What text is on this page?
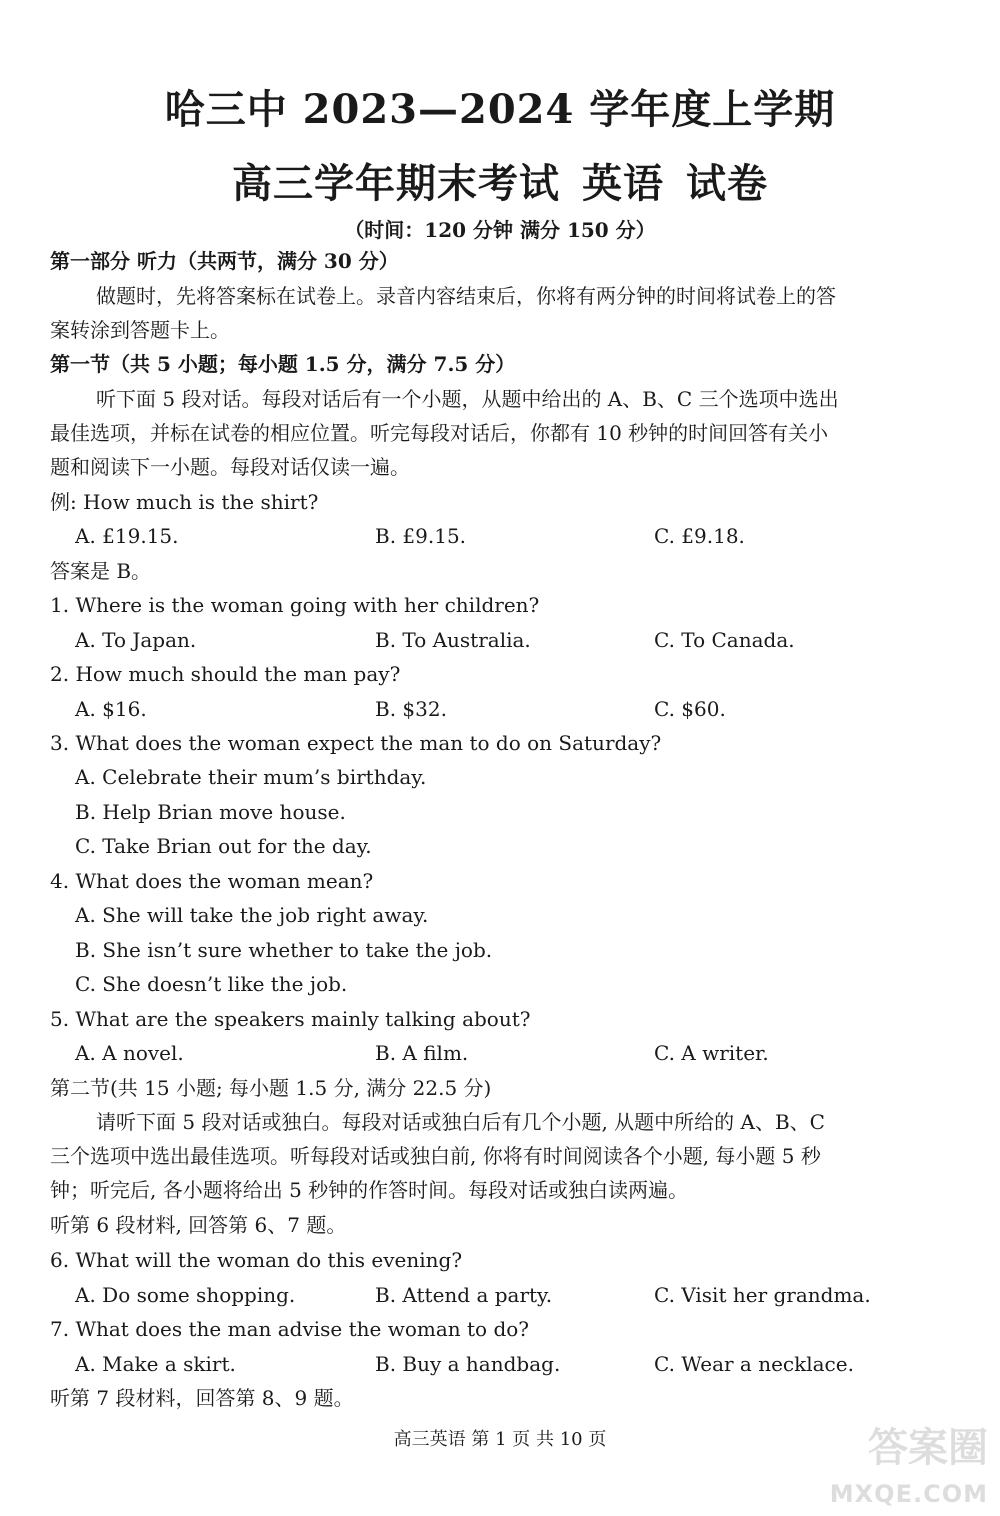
哈三中 2023—2024 学年度上学期
高三学年期末考试 英语 试卷
（时间：120 分钟 满分 150 分）
第一部分 听力（共两节，满分 30 分）
做题时，先将答案标在试卷上。录音内容结束后，你将有两分钟的时间将试卷上的答
案转涂到答题卡上。
第一节（共 5 小题；每小题 1.5 分，满分 7.5 分）
听下面 5 段对话。每段对话后有一个小题，从题中给出的 A、B、C 三个选项中选出
最佳选项，并标在试卷的相应位置。听完每段对话后，你都有 10 秒钟的时间回答有关小
题和阅读下一小题。每段对话仅读一遍。
例: How much is the shirt?
A. £19.15.	B. £9.15.	C. £9.18.
答案是 B。
1. Where is the woman going with her children?
A. To Japan.	B. To Australia.	C. To Canada.
2. How much should the man pay?
A. $16.	B. $32.	C. $60.
3. What does the woman expect the man to do on Saturday?
A. Celebrate their mum’s birthday.
B. Help Brian move house.
C. Take Brian out for the day.
4. What does the woman mean?
A. She will take the job right away.
B. She isn’t sure whether to take the job.
C. She doesn’t like the job.
5. What are the speakers mainly talking about?
A. A novel.	B. A film.	C. A writer.
第二节(共 15 小题; 每小题 1.5 分, 满分 22.5 分)
请听下面 5 段对话或独白。每段对话或独白后有几个小题, 从题中所给的 A、B、C
三个选项中选出最佳选项。听每段对话或独白前, 你将有时间阅读各个小题, 每小题 5 秒
钟；听完后, 各小题将给出 5 秒钟的作答时间。每段对话或独白读两遍。
听第 6 段材料, 回答第 6、7 题。
6. What will the woman do this evening?
A. Do some shopping.	B. Attend a party.	C. Visit her grandma.
7. What does the man advise the woman to do?
A. Make a skirt.	B. Buy a handbag.	C. Wear a necklace.
听第 7 段材料，回答第 8、9 题。
高三英语 第 1 页 共 10 页	答案圈
MXQE.COM
